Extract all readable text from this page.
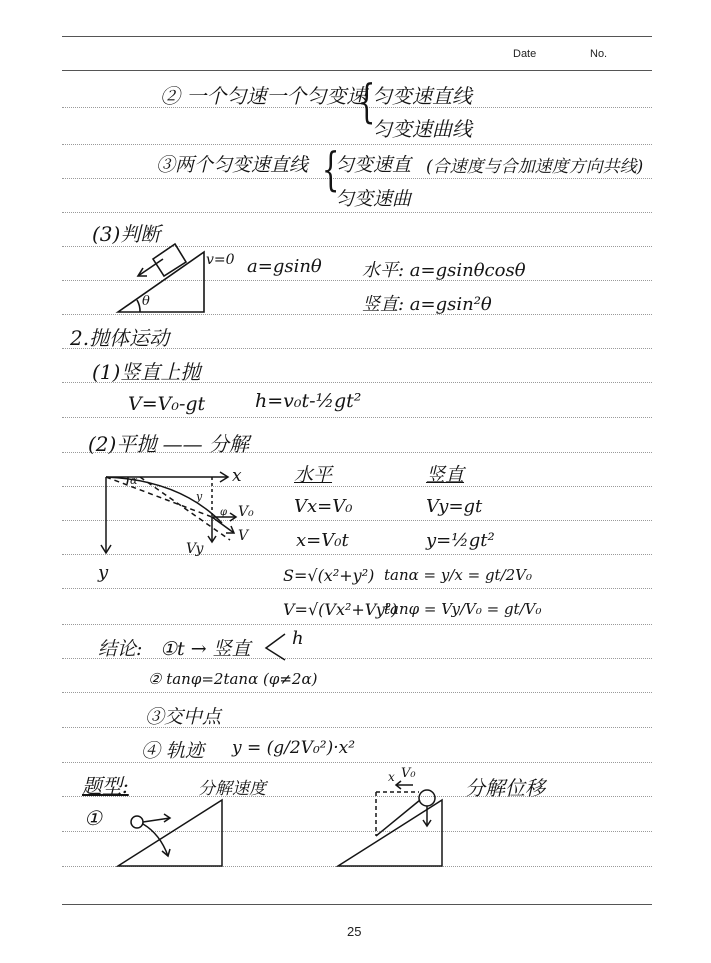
Date	No.
25
② 一个匀速一个匀变速
{
匀变速直线
匀变速曲线
③两个匀变速直线 {
匀变速直 (合速度与合加速度方向共线)
匀变速曲
(3)判断
v=0
θ
a=gsinθ 水平: a=gsinθcosθ
竖直: a=gsin²θ
2.抛体运动
(1)竖直上抛
V=V₀-gt	h=v₀t-½gt²
(2)平抛 —— 分解
x
y
V₀
V
Vy
y
α
φ
水平	竖直
Vx=V₀	Vy=gt
x=V₀t	y=½gt²
S=√(x²+y²) tanα = y/x = gt/2V₀
V=√(Vx²+Vy²)
tanφ = Vy/V₀ = gt/V₀
结论: ①t → 竖直 h
② tanφ=2tanα (φ≠2α)
③交中点
④ 轨迹 y = (g/2V₀²)·x²
题型:	分解速度	分解位移
①
x V₀
